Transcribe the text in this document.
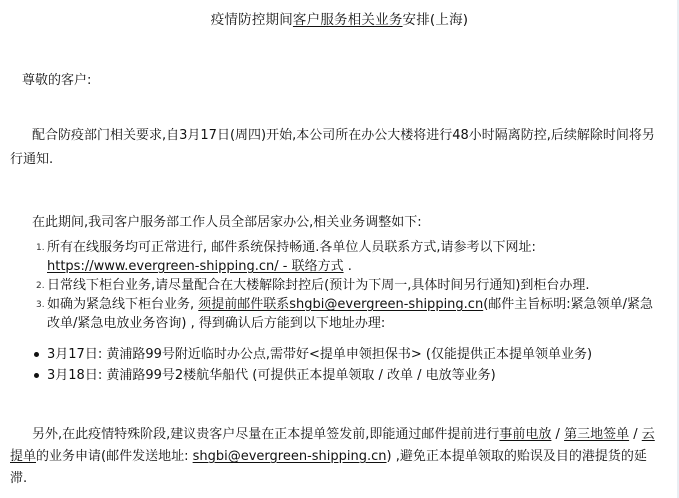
疫情防控期间客户服务相关业务安排(上海)
尊敬的客户:
配合防疫部门相关要求,自3月17日(周四)开始,本公司所在办公大楼将进行48小时隔离防控,后续解除时间将另行通知.
在此期间,我司客户服务部工作人员全部居家办公,相关业务调整如下:
1. 所有在线服务均可正常进行, 邮件系统保持畅通.各单位人员联系方式,请参考以下网址: https://www.evergreen-shipping.cn/ - 联络方式 .
2. 日常线下柜台业务,请尽量配合在大楼解除封控后(预计为下周一,具体时间另行通知)到柜台办理.
3. 如确为紧急线下柜台业务, 须提前邮件联系shgbi@evergreen-shipping.cn(邮件主旨标明:紧急领单/紧急改单/紧急电放业务咨询) , 得到确认后方能到以下地址办理:
3月17日: 黄浦路99号附近临时办公点,需带好<提单申领担保书> (仅能提供正本提单领单业务)
3月18日: 黄浦路99号2楼航华船代 (可提供正本提单领取 / 改单 / 电放等业务)
另外,在此疫情特殊阶段,建议贵客户尽量在正本提单签发前,即能通过邮件提前进行事前电放 / 第三地签单 / 云提单的业务申请(邮件发送地址: shgbi@evergreen-shipping.cn) ,避免正本提单领取的贻误及目的港提货的延滞.
